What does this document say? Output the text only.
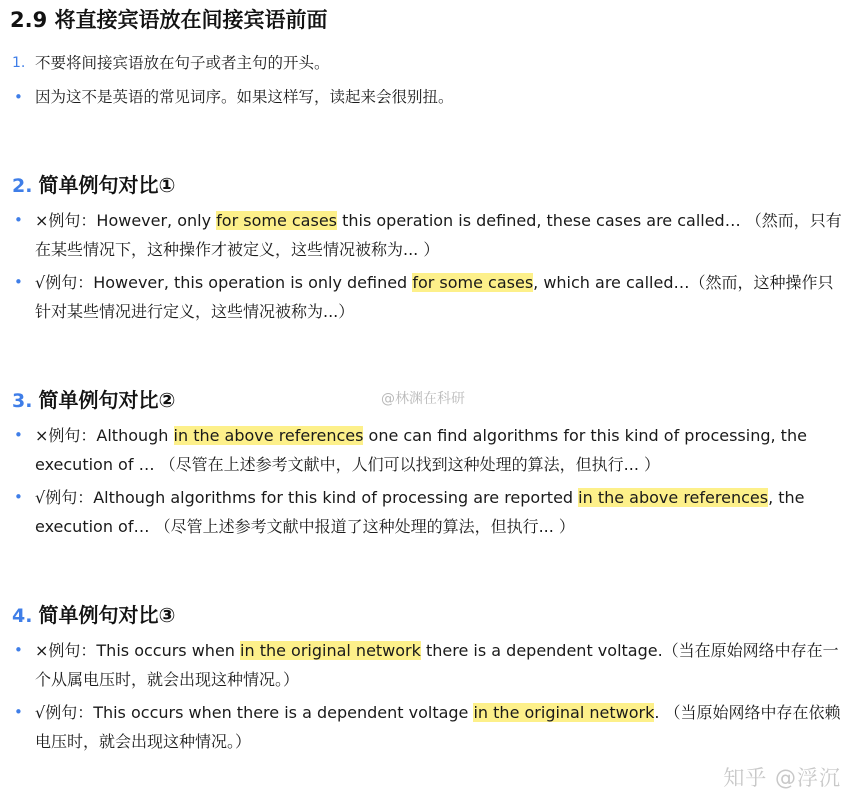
2.9 将直接宾语放在间接宾语前面
1. 不要将间接宾语放在句子或者主句的开头。
• 因为这不是英语的常见词序。如果这样写，读起来会很别扭。
2. 简单例句对比①
• ×例句：However, only for some cases this operation is defined, these cases are called… （然而，只有在某些情况下，这种操作才被定义，这些情况被称为... ）

• √例句：However, this operation is only defined for some cases, which are called…（然而，这种操作只针对某些情况进行定义，这些情况被称为...）

3. 简单例句对比②
• ×例句：Although in the above references one can find algorithms for this kind of processing, the execution of … （尽管在上述参考文献中，人们可以找到这种处理的算法，但执行... ）

• √例句：Although algorithms for this kind of processing are reported in the above references, the execution of… （尽管上述参考文献中报道了这种处理的算法，但执行... ）

4. 简单例句对比③
• ×例句：This occurs when in the original network there is a dependent voltage.（当在原始网络中存在一个从属电压时，就会出现这种情况。）

• √例句：This occurs when there is a dependent voltage in the original network. （当原始网络中存在依赖电压时，就会出现这种情况。）

@林渊在科研
知乎 @浮沉
